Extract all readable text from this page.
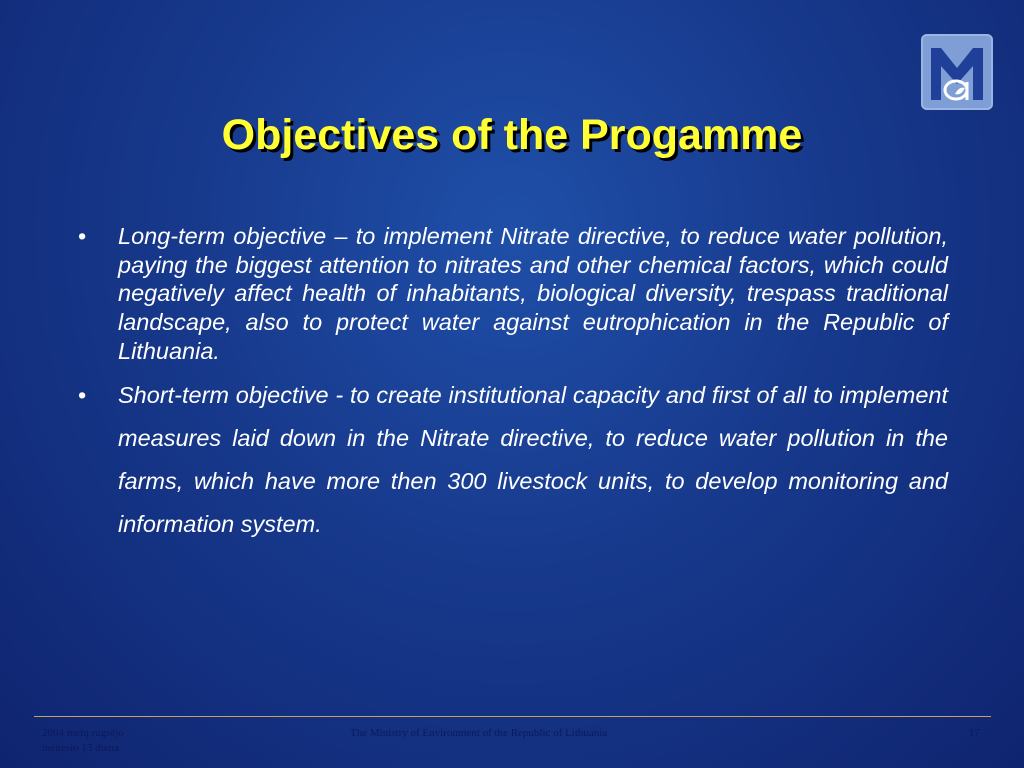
Objectives of the Progamme
• Long-term objective – to implement Nitrate directive, to reduce water pollution, paying the biggest attention to nitrates and other chemical factors, which could negatively affect health of inhabitants, biological diversity, trespass traditional landscape, also to protect water against eutrophication in the Republic of Lithuania.
• Short-term objective - to create institutional capacity and first of all to implement measures laid down in the Nitrate directive, to reduce water pollution in the farms, which have more then 300 livestock units, to develop monitoring and information system.
2004 metų rugsėjo
mėnesio 13 diena
The Ministry of Environment of the Republic of Lithuania	17
